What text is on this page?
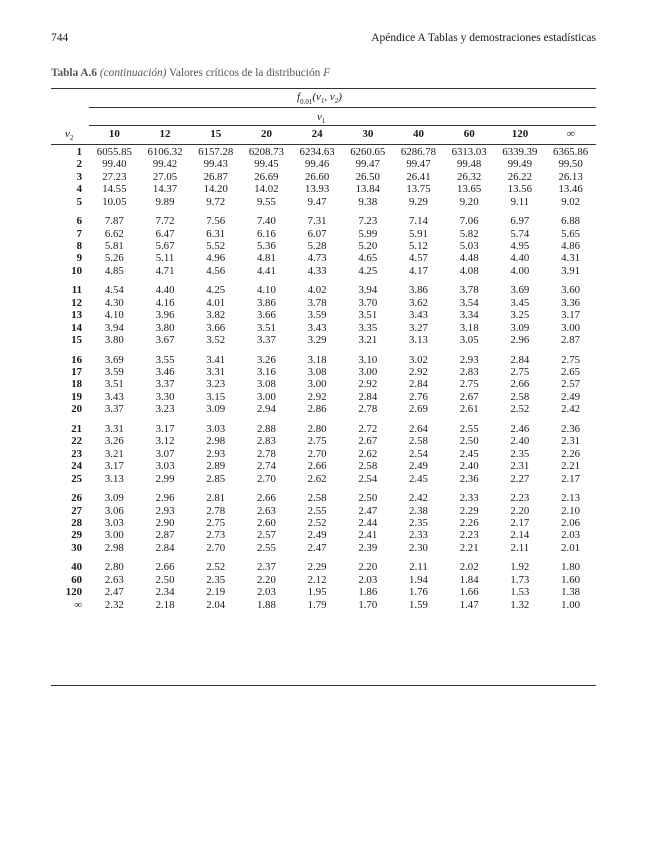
744	Apéndice A Tablas y demostraciones estadísticas
Tabla A.6 (continuación) Valores críticos de la distribución F
$f_{0.01}(\nu_1$, $\nu_2$)
$\nu_1$
$\nu_2$	10	12	15	20	24	30	40	60	120	∞
1	6055.85	6106.32	6157.28	6208.73	6234.63	6260.65	6286.78	6313.03	6339.39	6365.86
2	99.40	99.42	99.43	99.45	99.46	99.47	99.47	99.48	99.49	99.50
3	27.23	27.05	26.87	26.69	26.60	26.50	26.41	26.32	26.22	26.13
4	14.55	14.37	14.20	14.02	13.93	13.84	13.75	13.65	13.56	13.46
5	10.05	9.89	9.72	9.55	9.47	9.38	9.29	9.20	9.11	9.02

6	7.87	7.72	7.56	7.40	7.31	7.23	7.14	7.06	6.97	6.88
7	6.62	6.47	6.31	6.16	6.07	5.99	5.91	5.82	5.74	5.65
8	5.81	5.67	5.52	5.36	5.28	5.20	5.12	5.03	4.95	4.86
9	5.26	5.11	4.96	4.81	4.73	4.65	4.57	4.48	4.40	4.31
10	4.85	4.71	4.56	4.41	4.33	4.25	4.17	4.08	4.00	3.91

11	4.54	4.40	4.25	4.10	4.02	3.94	3.86	3.78	3.69	3.60
12	4.30	4.16	4.01	3.86	3.78	3.70	3.62	3.54	3.45	3.36
13	4.10	3.96	3.82	3.66	3.59	3.51	3.43	3.34	3.25	3.17
14	3.94	3.80	3.66	3.51	3.43	3.35	3.27	3.18	3.09	3.00
15	3.80	3.67	3.52	3.37	3.29	3.21	3.13	3.05	2.96	2.87

16	3.69	3.55	3.41	3.26	3.18	3.10	3.02	2.93	2.84	2.75
17	3.59	3.46	3.31	3.16	3.08	3.00	2.92	2.83	2.75	2.65
18	3.51	3.37	3.23	3.08	3.00	2.92	2.84	2.75	2.66	2.57
19	3.43	3.30	3.15	3.00	2.92	2.84	2.76	2.67	2.58	2.49
20	3.37	3.23	3.09	2.94	2.86	2.78	2.69	2.61	2.52	2.42

21	3.31	3.17	3.03	2.88	2.80	2.72	2.64	2.55	2.46	2.36
22	3.26	3.12	2.98	2.83	2.75	2.67	2.58	2.50	2.40	2.31
23	3.21	3.07	2.93	2.78	2.70	2.62	2.54	2.45	2.35	2.26
24	3.17	3.03	2.89	2.74	2.66	2.58	2.49	2.40	2.31	2.21
25	3.13	2.99	2.85	2.70	2.62	2.54	2.45	2.36	2.27	2.17

26	3.09	2.96	2.81	2.66	2.58	2.50	2.42	2.33	2.23	2.13
27	3.06	2.93	2.78	2.63	2.55	2.47	2.38	2.29	2.20	2.10
28	3.03	2.90	2.75	2.60	2.52	2.44	2.35	2.26	2.17	2.06
29	3.00	2.87	2.73	2.57	2.49	2.41	2.33	2.23	2.14	2.03
30	2.98	2.84	2.70	2.55	2.47	2.39	2.30	2.21	2.11	2.01

40	2.80	2.66	2.52	2.37	2.29	2.20	2.11	2.02	1.92	1.80
60	2.63	2.50	2.35	2.20	2.12	2.03	1.94	1.84	1.73	1.60
120	2.47	2.34	2.19	2.03	1.95	1.86	1.76	1.66	1.53	1.38
∞	2.32	2.18	2.04	1.88	1.79	1.70	1.59	1.47	1.32	1.00
